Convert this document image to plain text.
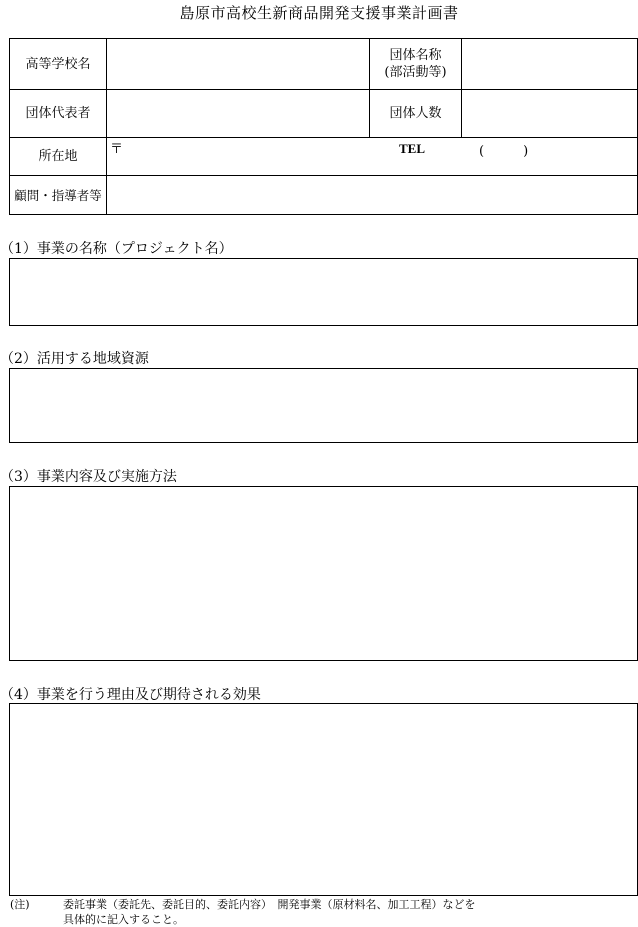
島原市高校生新商品開発支援事業計画書
高等学校名		団体名称
(部活動等)	

団体代表者		団体人数	
所在地	〒 TEL (　　　)		

顧問・指導者等			
（1）事業の名称（プロジェクト名）
（2）活用する地域資源
（3）事業内容及び実施方法
（4）事業を行う理由及び期待される効果
(注)	委託事業（委託先、委託目的、委託内容）　開発事業（原材料名、加工工程）などを
具体的に記入すること。
